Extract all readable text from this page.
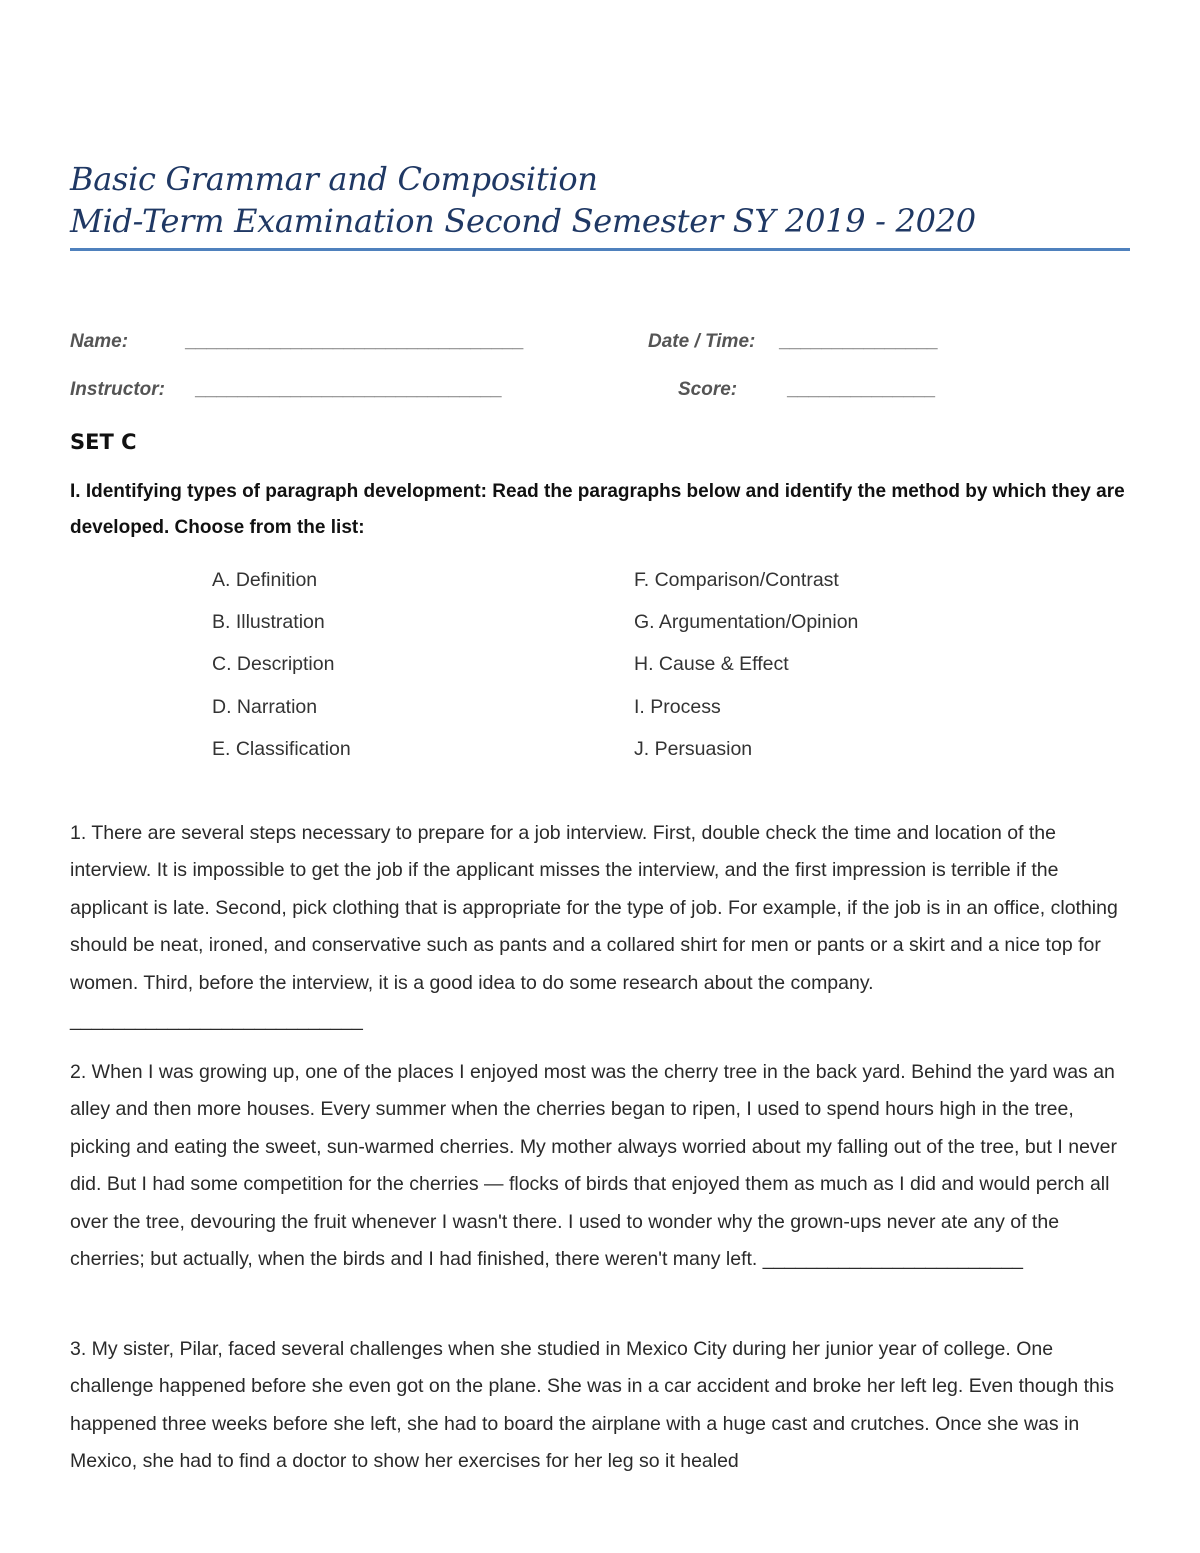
Basic Grammar and Composition
Mid-Term Examination Second Semester SY 2019 - 2020
Name:	________________________________	Date / Time: _______________
Instructor: _____________________________	Score:	______________
SET C
I. Identifying types of paragraph development: Read the paragraphs below and identify the method by which they are developed. Choose from the list:
A. Definition
B. Illustration
C. Description
D. Narration
E. Classification
F. Comparison/Contrast
G. Argumentation/Opinion
H. Cause & Effect
I. Process
J. Persuasion
1. There are several steps necessary to prepare for a job interview. First, double check the time and location of the interview. It is impossible to get the job if the applicant misses the interview, and the first impression is terrible if the applicant is late. Second, pick clothing that is appropriate for the type of job. For example, if the job is in an office, clothing should be neat, ironed, and conservative such as pants and a collared shirt for men or pants or a skirt and a nice top for women. Third, before the interview, it is a good idea to do some research about the company. ___________________________
2. When I was growing up, one of the places I enjoyed most was the cherry tree in the back yard. Behind the yard was an alley and then more houses. Every summer when the cherries began to ripen, I used to spend hours high in the tree, picking and eating the sweet, sun-warmed cherries. My mother always worried about my falling out of the tree, but I never did. But I had some competition for the cherries — flocks of birds that enjoyed them as much as I did and would perch all over the tree, devouring the fruit whenever I wasn't there. I used to wonder why the grown-ups never ate any of the cherries; but actually, when the birds and I had finished, there weren't many left. ________________________
3. My sister, Pilar, faced several challenges when she studied in Mexico City during her junior year of college. One challenge happened before she even got on the plane. She was in a car accident and broke her left leg. Even though this happened three weeks before she left, she had to board the airplane with a huge cast and crutches. Once she was in Mexico, she had to find a doctor to show her exercises for her leg so it healed
